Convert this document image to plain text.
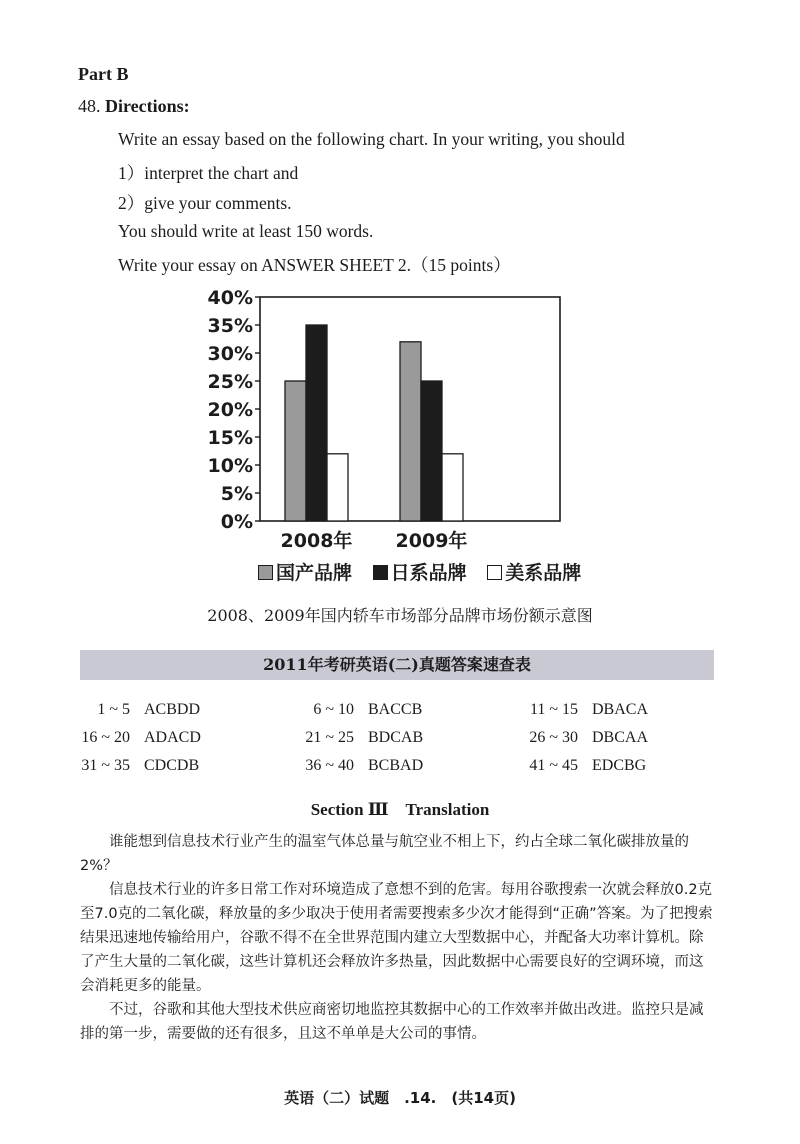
Part B
48. Directions:
Write an essay based on the following chart. In your writing, you should
1）interpret the chart and
2）give your comments.
You should write at least 150 words.
Write your essay on ANSWER SHEET 2.（15 points）
0%
5%
10%
15%
20%
25%
30%
35%
40%
2008年 2009年
国产品牌 日系品牌 美系品牌
2008、2009年国内轿车市场部分品牌市场份额示意图
2011年考研英语(二)真题答案速查表
1 ~ 5 ACBDD	6 ~ 10 BACCB	11 ~ 15 DBACA
16 ~ 20 ADACD	21 ~ 25 BDCAB	26 ~ 30 DBCAA
31 ~ 35 CDCDB	36 ~ 40 BCBAD	41 ~ 45 EDCBG
Section Ⅲ Translation
谁能想到信息技术行业产生的温室气体总量与航空业不相上下，约占全球二氧化碳排放量的2%？
信息技术行业的许多日常工作对环境造成了意想不到的危害。每用谷歌搜索一次就会释放0.2克至7.0克的二氧化碳，释放量的多少取决于使用者需要搜索多少次才能得到“正确”答案。为了把搜索结果迅速地传输给用户，谷歌不得不在全世界范围内建立大型数据中心，并配备大功率计算机。除了产生大量的二氧化碳，这些计算机还会释放许多热量，因此数据中心需要良好的空调环境，而这会消耗更多的能量。
不过，谷歌和其他大型技术供应商密切地监控其数据中心的工作效率并做出改进。监控只是减排的第一步，需要做的还有很多，且这不单单是大公司的事情。
英语（二）试题 .14. (共14页)
